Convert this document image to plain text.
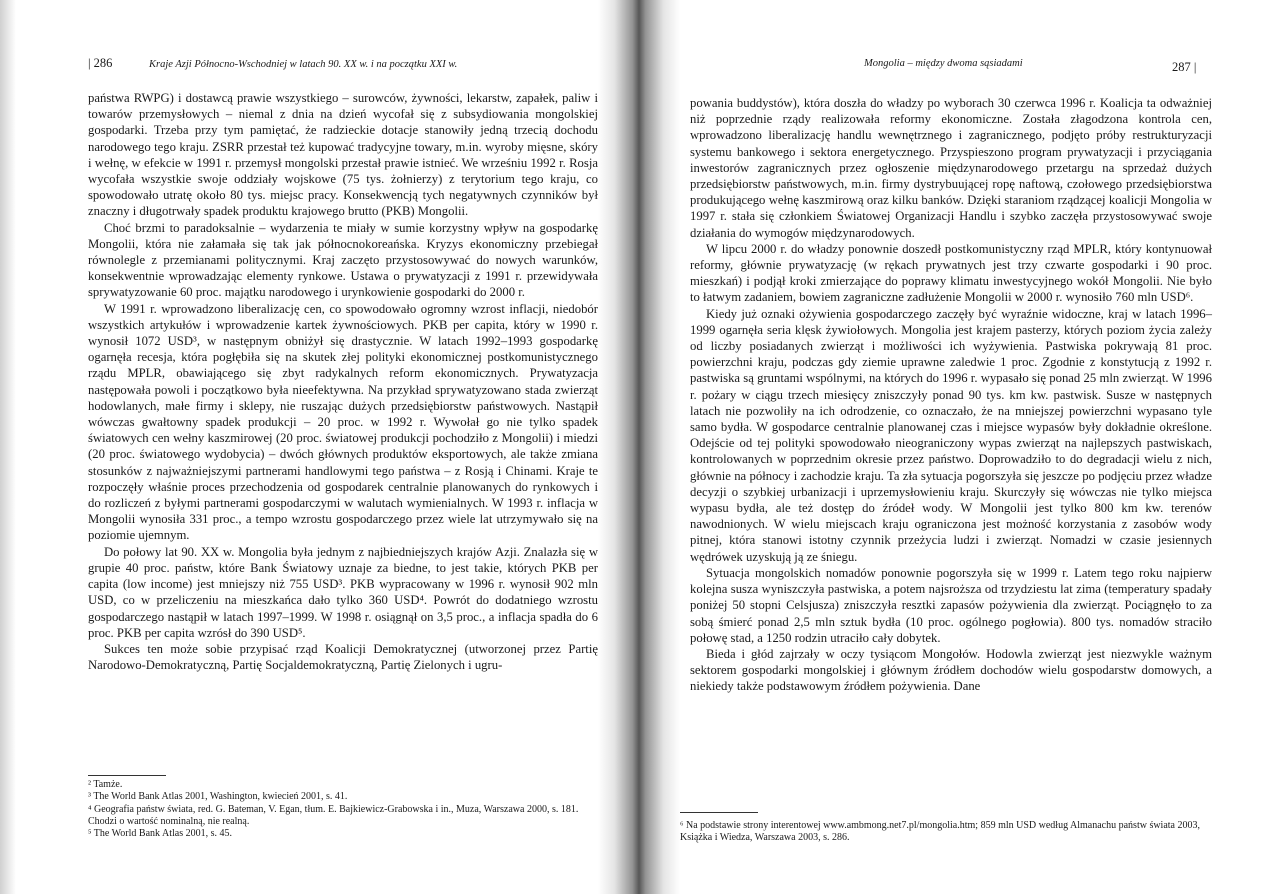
| 286	Kraje Azji Północno-Wschodniej w latach 90. XX w. i na początku XXI w.

państwa RWPG) i dostawcą prawie wszystkiego – surowców, żywności, lekarstw, zapałek, paliw i towarów przemysłowych – niemal z dnia na dzień wycofał się z subsydiowania mongolskiej gospodarki. Trzeba przy tym pamiętać, że radzieckie dotacje stanowiły jedną trzecią dochodu narodowego tego kraju. ZSRR przestał też kupować tradycyjne towary, m.in. wyroby mięsne, skóry i wełnę, w efekcie w 1991 r. przemysł mongolski przestał prawie istnieć. We wrześniu 1992 r. Rosja wycofała wszystkie swoje oddziały wojskowe (75 tys. żołnierzy) z terytorium tego kraju, co spowodowało utratę około 80 tys. miejsc pracy. Konsekwencją tych negatywnych czynników był znaczny i długotrwały spadek produktu krajowego brutto (PKB) Mongolii.

Choć brzmi to paradoksalnie – wydarzenia te miały w sumie korzystny wpływ na gospodarkę Mongolii, która nie załamała się tak jak północnokoreańska. Kryzys ekonomiczny przebiegał równolegle z przemianami politycznymi. Kraj zaczęto przystosowywać do nowych warunków, konsekwentnie wprowadzając elementy rynkowe. Ustawa o prywatyzacji z 1991 r. przewidywała sprywatyzowanie 60 proc. majątku narodowego i urynkowienie gospodarki do 2000 r.

W 1991 r. wprowadzono liberalizację cen, co spowodowało ogromny wzrost inflacji, niedobór wszystkich artykułów i wprowadzenie kartek żywnościowych. PKB per capita, który w 1990 r. wynosił 1072 USD³, w następnym obniżył się drastycznie. W latach 1992–1993 gospodarkę ogarnęła recesja, która pogłębiła się na skutek złej polityki ekonomicznej postkomunistycznego rządu MPLR, obawiającego się zbyt radykalnych reform ekonomicznych. Prywatyzacja następowała powoli i początkowo była nieefektywna. Na przykład sprywatyzowano stada zwierząt hodowlanych, małe firmy i sklepy, nie ruszając dużych przedsiębiorstw państwowych. Nastąpił wówczas gwałtowny spadek produkcji – 20 proc. w 1992 r. Wywołał go nie tylko spadek światowych cen wełny kaszmirowej (20 proc. światowej produkcji pochodziło z Mongolii) i miedzi (20 proc. światowego wydobycia) – dwóch głównych produktów eksportowych, ale także zmiana stosunków z najważniejszymi partnerami handlowymi tego państwa – z Rosją i Chinami. Kraje te rozpoczęły właśnie proces przechodzenia od gospodarek centralnie planowanych do rynkowych i do rozliczeń z byłymi partnerami gospodarczymi w walutach wymienialnych. W 1993 r. inflacja w Mongolii wynosiła 331 proc., a tempo wzrostu gospodarczego przez wiele lat utrzymywało się na poziomie ujemnym.

Do połowy lat 90. XX w. Mongolia była jednym z najbiedniejszych krajów Azji. Znalazła się w grupie 40 proc. państw, które Bank Światowy uznaje za biedne, to jest takie, których PKB per capita (low income) jest mniejszy niż 755 USD³. PKB wypracowany w 1996 r. wynosił 902 mln USD, co w przeliczeniu na mieszkańca dało tylko 360 USD⁴. Powrót do dodatniego wzrostu gospodarczego nastąpił w latach 1997–1999. W 1998 r. osiągnął on 3,5 proc., a inflacja spadła do 6 proc. PKB per capita wzrósł do 390 USD⁵.

Sukces ten może sobie przypisać rząd Koalicji Demokratycznej (utworzonej przez Partię Narodowo-Demokratyczną, Partię Socjaldemokratyczną, Partię Zielonych i ugru-

² Tamże.

³ The World Bank Atlas 2001, Washington, kwiecień 2001, s. 41.

⁴ Geografia państw świata, red. G. Bateman, V. Egan, tłum. E. Bajkiewicz-Grabowska i in., Muza, Warszawa 2000, s. 181. Chodzi o wartość nominalną, nie realną.

⁵ The World Bank Atlas 2001, s. 45.

Mongolia – między dwoma sąsiadami	287 |

powania buddystów), która doszła do władzy po wyborach 30 czerwca 1996 r. Koalicja ta odważniej niż poprzednie rządy realizowała reformy ekonomiczne. Została złagodzona kontrola cen, wprowadzono liberalizację handlu wewnętrznego i zagranicznego, podjęto próby restrukturyzacji systemu bankowego i sektora energetycznego. Przyspieszono program prywatyzacji i przyciągania inwestorów zagranicznych przez ogłoszenie międzynarodowego przetargu na sprzedaż dużych przedsiębiorstw państwowych, m.in. firmy dystrybuującej ropę naftową, czołowego przedsiębiorstwa produkującego wełnę kaszmirową oraz kilku banków. Dzięki staraniom rządzącej koalicji Mongolia w 1997 r. stała się członkiem Światowej Organizacji Handlu i szybko zaczęła przystosowywać swoje działania do wymogów międzynarodowych.

W lipcu 2000 r. do władzy ponownie doszedł postkomunistyczny rząd MPLR, który kontynuował reformy, głównie prywatyzację (w rękach prywatnych jest trzy czwarte gospodarki i 90 proc. mieszkań) i podjął kroki zmierzające do poprawy klimatu inwestycyjnego wokół Mongolii. Nie było to łatwym zadaniem, bowiem zagraniczne zadłużenie Mongolii w 2000 r. wynosiło 760 mln USD⁶.

Kiedy już oznaki ożywienia gospodarczego zaczęły być wyraźnie widoczne, kraj w latach 1996–1999 ogarnęła seria klęsk żywiołowych. Mongolia jest krajem pasterzy, których poziom życia zależy od liczby posiadanych zwierząt i możliwości ich wyżywienia. Pastwiska pokrywają 81 proc. powierzchni kraju, podczas gdy ziemie uprawne zaledwie 1 proc. Zgodnie z konstytucją z 1992 r. pastwiska są gruntami wspólnymi, na których do 1996 r. wypasało się ponad 25 mln zwierząt. W 1996 r. pożary w ciągu trzech miesięcy zniszczyły ponad 90 tys. km kw. pastwisk. Susze w następnych latach nie pozwoliły na ich odrodzenie, co oznaczało, że na mniejszej powierzchni wypasano tyle samo bydła. W gospodarce centralnie planowanej czas i miejsce wypasów były dokładnie określone. Odejście od tej polityki spowodowało nieograniczony wypas zwierząt na najlepszych pastwiskach, kontrolowanych w poprzednim okresie przez państwo. Doprowadziło to do degradacji wielu z nich, głównie na północy i zachodzie kraju. Ta zła sytuacja pogorszyła się jeszcze po podjęciu przez władze decyzji o szybkiej urbanizacji i uprzemysłowieniu kraju. Skurczyły się wówczas nie tylko miejsca wypasu bydła, ale też dostęp do źródeł wody. W Mongolii jest tylko 800 km kw. terenów nawodnionych. W wielu miejscach kraju ograniczona jest możność korzystania z zasobów wody pitnej, która stanowi istotny czynnik przeżycia ludzi i zwierząt. Nomadzi w czasie jesiennych wędrówek uzyskują ją ze śniegu.

Sytuacja mongolskich nomadów ponownie pogorszyła się w 1999 r. Latem tego roku najpierw kolejna susza wyniszczyła pastwiska, a potem najsroższa od trzydziestu lat zima (temperatury spadały poniżej 50 stopni Celsjusza) zniszczyła resztki zapasów pożywienia dla zwierząt. Pociągnęło to za sobą śmierć ponad 2,5 mln sztuk bydła (10 proc. ogólnego pogłowia). 800 tys. nomadów straciło połowę stad, a 1250 rodzin utraciło cały dobytek.

Bieda i głód zajrzały w oczy tysiącom Mongołów. Hodowla zwierząt jest niezwykle ważnym sektorem gospodarki mongolskiej i głównym źródłem dochodów wielu gospodarstw domowych, a niekiedy także podstawowym źródłem pożywienia. Dane

⁶ Na podstawie strony interentowej www.ambmong.net7.pl/mongolia.htm; 859 mln USD według Almanachu państw świata 2003, Książka i Wiedza, Warszawa 2003, s. 286.
